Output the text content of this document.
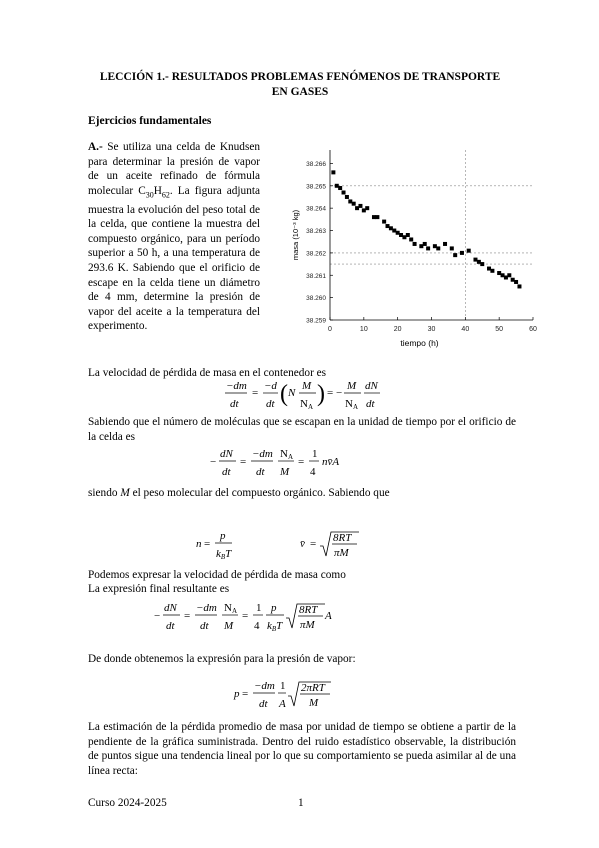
LECCIÓN 1.- RESULTADOS PROBLEMAS FENÓMENOS DE TRANSPORTE
EN GASES
Ejercicios fundamentales
A.- Se utiliza una celda de Knudsen para determinar la presión de vapor de un aceite refinado de fórmula molecular $C_{30}H_{62}$. La figura adjunta muestra la evolución del peso total de la celda, que contiene la muestra del compuesto orgánico, para un período superior a 50 h, a una temperatura de 293.6 K. Sabiendo que el orificio de escape en la celda tiene un diámetro de 4 mm, determine la presión de vapor del aceite a la temperatura del experimento.	38.259
38.260
38.261
38.262
38.263
38.264
38.265
38.266
0	10	20	30	40	50	60
tiempo (h)
masa (10⁻³ kg)
La velocidad de pérdida de masa en el contenedor es
−dm
dt
=
−d
dt ( N
M
NA ) = −
M
NA
dN
dt
Sabiendo que el número de moléculas que se escapan en la unidad de tiempo por el orificio de la celda es
−
dN
dt
=
−dm
dt
NA
M
=
1
4
nv̄A
siendo M el peso molecular del compuesto orgánico. Sabiendo que
n =
p
kBT
v̄ = 8RT
πM
Podemos expresar la velocidad de pérdida de masa como
La expresión final resultante es
−
dN
dt
=
−dm
dt
NA
M
=
1
4
p
kBT
8RT
πM
A
De donde obtenemos la expresión para la presión de vapor:
p =
−dm
dt
1
A
2πRT
M
La estimación de la pérdida promedio de masa por unidad de tiempo se obtiene a partir de la pendiente de la gráfica suministrada. Dentro del ruido estadístico observable, la distribución de puntos sigue una tendencia lineal por lo que su comportamiento se pueda asimilar al de una línea recta:
Curso 2024-2025	1
